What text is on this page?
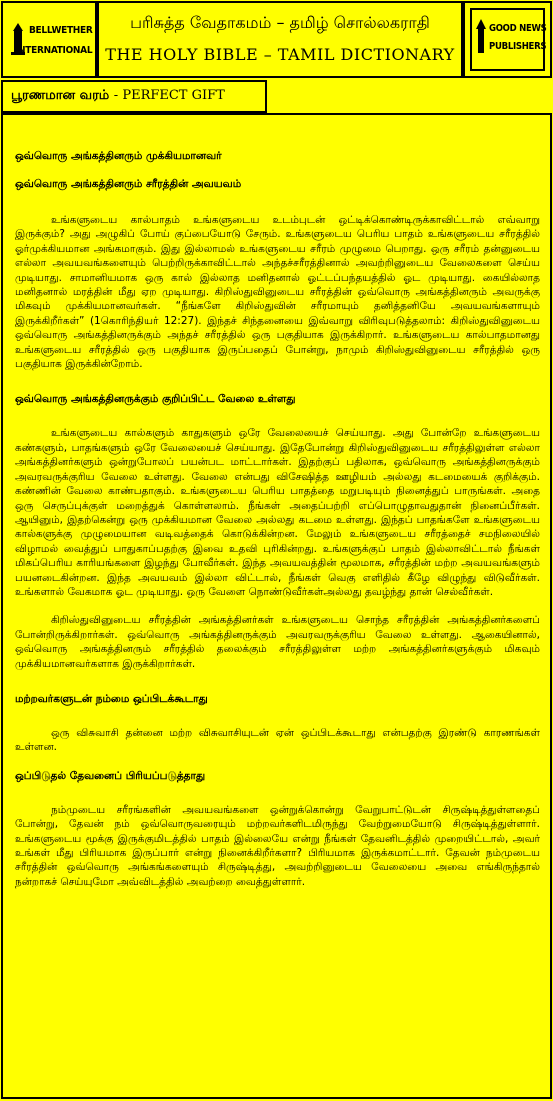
BELLWETHER
INTERNATIONAL
பரிசுத்த வேதாகமம் – தமிழ் சொல்லகராதி
THE HOLY BIBLE – TAMIL DICTIONARY
GOOD NEWS
PUBLISHERS
பூரணமான வரம் - PERFECT GIFT

ஒவ்வொரு அங்கத்தினரும் முக்கியமானவர்

ஒவ்வொரு அங்கத்தினரும் சரீரத்தின் அவயவம்

உங்களுடைய கால்பாதம் உங்களுடைய உடம்புடன் ஒட்டிக்கொண்டிருக்காவிட்டால் எவ்வாறு இருக்கும்? அது அழுகிப் போய் குப்பையோடு சேரும். உங்களுடைய பெரிய பாதம் உங்களுடைய சரீரத்தில் ஓர்முக்கியமான அங்கமாகும். இது இல்லாமல் உங்களுடைய சரீரம் முழுமை பெறாது. ஒரு சரீரம் தன்னுடைய எல்லா அவயவங்களையும் பெற்றிருக்காவிட்டால் அந்தச்சரீரத்தினால் அவற்றினுடைய வேலைகளை செய்ய முடியாது. சாமானியமாக ஒரு கால் இல்லாத மனிதனால் ஓட்டப்பந்தயத்தில் ஓட முடியாது. கையில்லாத மனிதனால் மரத்தின் மீது ஏற முடியாது. கிறிஸ்துவினுடைய சரீரத்தின் ஒவ்வொரு அங்கத்தினரும் அவருக்கு மிகவும் முக்கியமானவர்கள். “நீங்களே கிறிஸ்துவின் சரீரமாயும் தனித்தனியே அவயவங்களாயும் இருக்கிறீர்கள்” (1கொரிந்தியர் 12:27). இந்தச் சிந்தனையை இவ்வாறு விரிவுபடுத்தலாம்: கிறிஸ்துவினுடைய ஒவ்வொரு அங்கத்தினருக்கும் அந்தச் சரீரத்தில் ஒரு பகுதியாக இருக்கிறார். உங்களுடைய கால்பாதமானது உங்களுடைய சரீரத்தில் ஒரு பகுதியாக இருப்பதைப் போன்று, நாமும் கிறிஸ்துவினுடைய சரீரத்தில் ஒரு பகுதியாக இருக்கின்றோம்.

ஒவ்வொரு அங்கத்தினருக்கும் குறிப்பிட்ட வேலை உள்ளது

உங்களுடைய கால்களும் காதுகளும் ஒரே வேலையைச் செய்யாது. அது போன்றே உங்களுடைய கண்களும், பாதங்களும் ஒரே வேலையைச் செய்யாது. இதேபோன்று கிறிஸ்துவினுடைய சரீரத்திலுள்ள எல்லா அங்கத்தினர்களும் ஒன்றுபோலப் பயன்பட மாட்டார்கள். இதற்குப் பதிலாக, ஒவ்வொரு அங்கத்தினருக்கும் அவரவருக்குரிய வேலை உள்ளது. வேலை என்பது விசேஷித்த ஊழியம் அல்லது கடமையைக் குறிக்கும். கண்ணின் வேலை காண்பதாகும். உங்களுடைய பெரிய பாதத்தை மறுபடியும் நினைத்துப் பாருங்கள். அதை ஒரு செருப்புக்குள் மறைத்துக் கொள்ளலாம். நீங்கள் அதைப்பற்றி எப்பொழுதாவதுதான் நினைப்பீர்கள். ஆயினும், இதற்கென்று ஒரு முக்கியமான வேலை அல்லது கடமை உள்ளது. இந்தப் பாதங்களே உங்களுடைய கால்களுக்கு முழுமையான வடிவத்தைக் கொடுக்கின்றன. மேலும் உங்களுடைய சரீரத்தைச் சமநிலையில் விழாமல் வைத்துப் பாதுகாப்பதற்கு இவை உதவி புரிகின்றது. உங்களுக்குப் பாதம் இல்லாவிட்டால் நீங்கள் மிகப்பெரிய காரியங்களை இழந்து போவீர்கள். இந்த அவயவத்தின் மூலமாக, சரீரத்தின் மற்ற அவயவங்களும் பயனடைகின்றன. இந்த அவயவம் இல்லா விட்டால், நீங்கள் வெகு எளிதில் கீழே விழுந்து விடுவீர்கள். உங்களால் வேகமாக ஓட முடியாது. ஒரு வேளை நொண்டுவீர்கள்அல்லது தவழ்ந்து தான் செல்வீர்கள்.

கிறிஸ்துவினுடைய சரீரத்தின் அங்கத்தினர்கள் உங்களுடைய சொந்த சரீரத்தின் அங்கத்தினர்களைப் போன்றிருக்கிறார்கள். ஒவ்வொரு அங்கத்தினருக்கும் அவரவருக்குரிய வேலை உள்ளது. ஆகையினால், ஒவ்வொரு அங்கத்தினரும் சரீரத்தில் தலைக்கும் சரீரத்திலுள்ள மற்ற அங்கத்தினர்களுக்கும் மிகவும் முக்கியமானவர்களாக இருக்கிறார்கள்.

மற்றவர்களுடன் நம்மை ஒப்பிடக்கூடாது

ஒரு விசுவாசி தன்னை மற்ற விசுவாசியுடன் ஏன் ஒப்பிடக்கூடாது என்பதற்கு இரண்டு காரணங்கள் உள்ளன.

ஒப்பிடுதல் தேவனைப் பிரியப்படுத்தாது

நம்முடைய சரீரங்களின் அவயவங்களை ஒன்றுக்கொன்று வேறுபாட்டுடன் சிருஷ்டித்துள்ளதைப் போன்று, தேவன் நம் ஒவ்வொருவரையும் மற்றவர்களிடமிருந்து வேற்றுமையோடு சிருஷ்டித்துள்ளார். உங்களுடைய மூக்கு இருக்குமிடத்தில் பாதம் இல்லையே என்று நீங்கள் தேவனிடத்தில் முறையிட்டால், அவர் உங்கள் மீது பிரியமாக இருப்பார் என்று நினைக்கிறீர்களா? பிரியமாக இருக்கமாட்டார். தேவன் நம்முடைய சரீரத்தின் ஒவ்வொரு அங்கங்களையும் சிருஷ்டித்து, அவற்றினுடைய வேலையை அவை எங்கிருந்தால் நன்றாகச் செய்யுமோ அவ்விடத்தில் அவற்றை வைத்துள்ளார்.
